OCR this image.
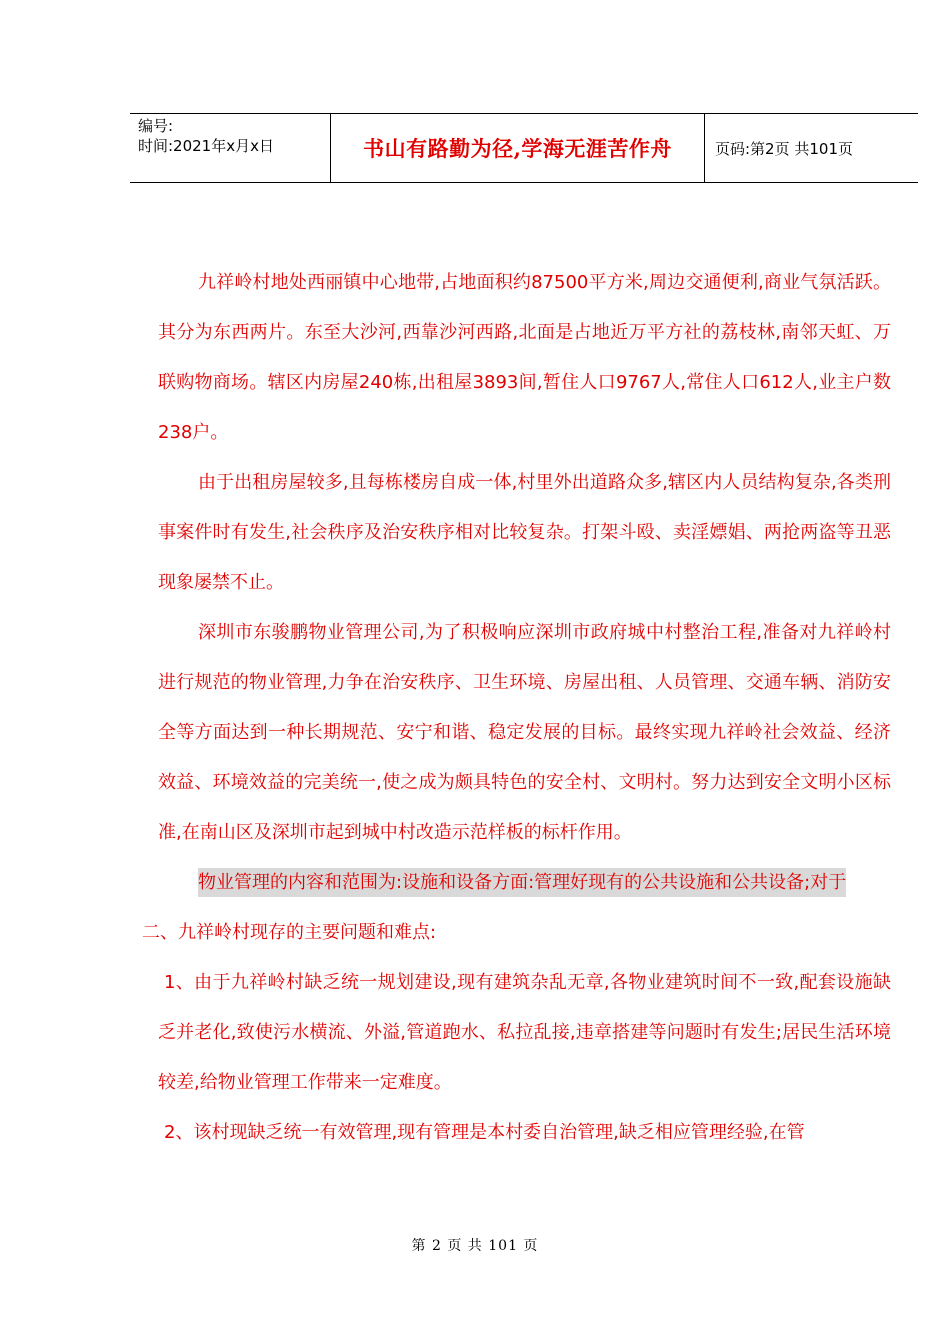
编号:
时间:2021年x月x日	书山有路勤为径,学海无涯苦作舟	页码:第2页 共101页

九祥岭村地处西丽镇中心地带,占地面积约87500平方米,周边交通便利,商业气氛活跃。其分为东西两片。东至大沙河,西靠沙河西路,北面是占地近万平方社的荔枝林,南邻天虹、万联购物商场。辖区内房屋240栋,出租屋3893间,暂住人口9767人,常住人口612人,业主户数238户。

由于出租房屋较多,且每栋楼房自成一体,村里外出道路众多,辖区内人员结构复杂,各类刑事案件时有发生,社会秩序及治安秩序相对比较复杂。打架斗殴、卖淫嫖娼、两抢两盗等丑恶现象屡禁不止。

深圳市东骏鹏物业管理公司,为了积极响应深圳市政府城中村整治工程,准备对九祥岭村进行规范的物业管理,力争在治安秩序、卫生环境、房屋出租、人员管理、交通车辆、消防安全等方面达到一种长期规范、安宁和谐、稳定发展的目标。最终实现九祥岭社会效益、经济效益、环境效益的完美统一,使之成为颇具特色的安全村、文明村。努力达到安全文明小区标准,在南山区及深圳市起到城中村改造示范样板的标杆作用。

物业管理的内容和范围为:设施和设备方面:管理好现有的公共设施和公共设备;对于

二、九祥岭村现存的主要问题和难点:

1、由于九祥岭村缺乏统一规划建设,现有建筑杂乱无章,各物业建筑时间不一致,配套设施缺乏并老化,致使污水横流、外溢,管道跑水、私拉乱接,违章搭建等问题时有发生;居民生活环境较差,给物业管理工作带来一定难度。

2、该村现缺乏统一有效管理,现有管理是本村委自治管理,缺乏相应管理经验,在管

第 2 页 共 101 页
